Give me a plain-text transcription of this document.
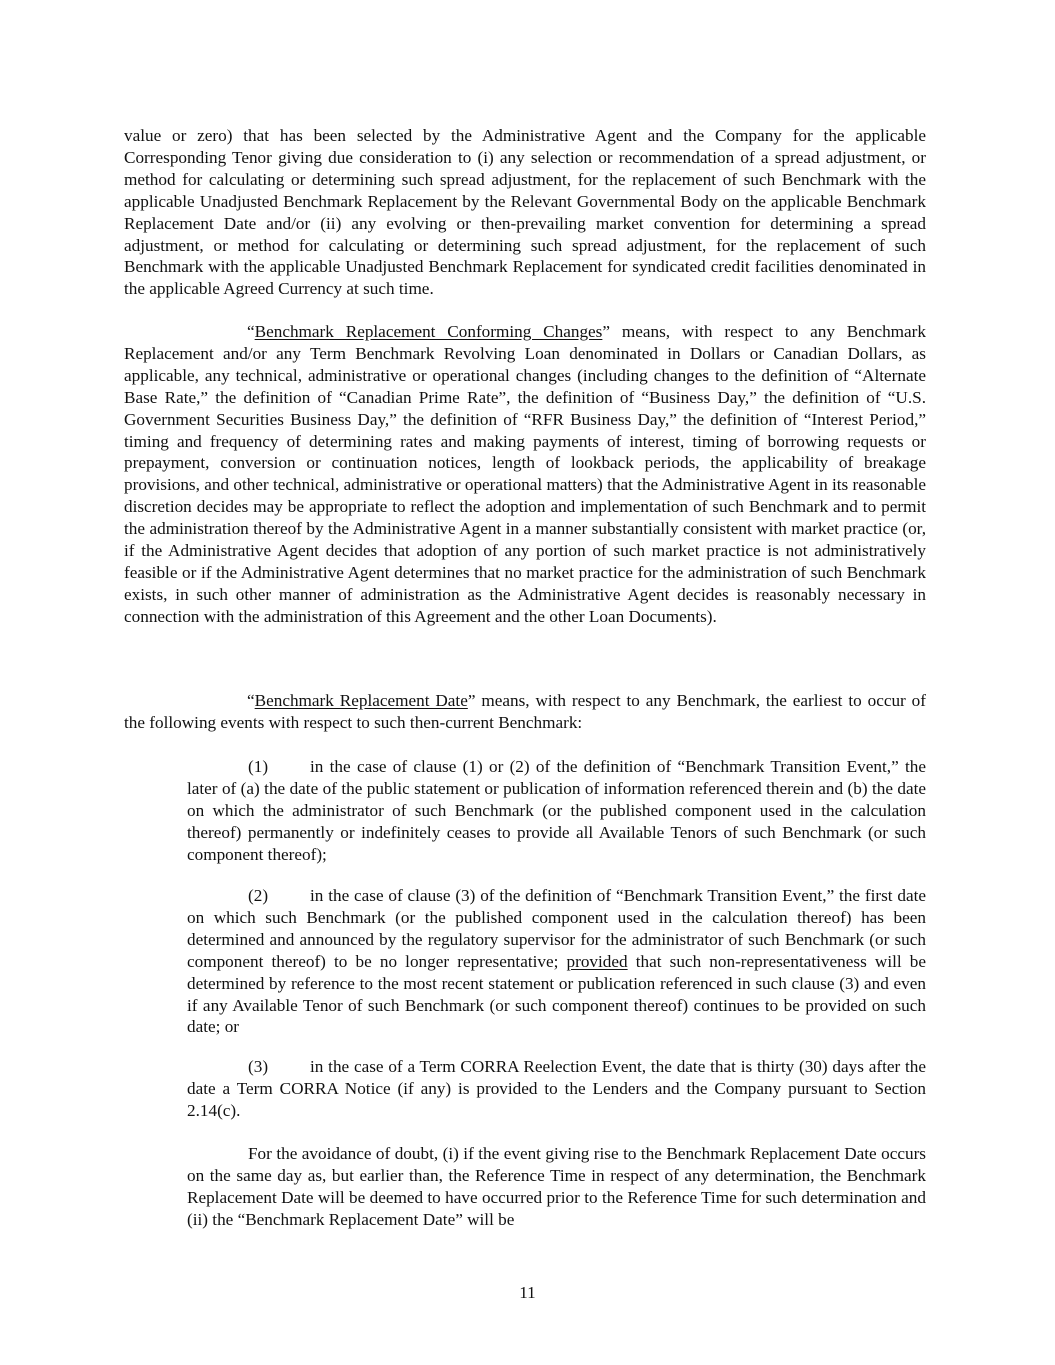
value or zero) that has been selected by the Administrative Agent and the Company for the applicable Corresponding Tenor giving due consideration to (i) any selection or recommendation of a spread adjustment, or method for calculating or determining such spread adjustment, for the replacement of such Benchmark with the applicable Unadjusted Benchmark Replacement by the Relevant Governmental Body on the applicable Benchmark Replacement Date and/or (ii) any evolving or then-prevailing market convention for determining a spread adjustment, or method for calculating or determining such spread adjustment, for the replacement of such Benchmark with the applicable Unadjusted Benchmark Replacement for syndicated credit facilities denominated in the applicable Agreed Currency at such time.

“Benchmark Replacement Conforming Changes” means, with respect to any Benchmark Replacement and/or any Term Benchmark Revolving Loan denominated in Dollars or Canadian Dollars, as applicable, any technical, administrative or operational changes (including changes to the definition of “Alternate Base Rate,” the definition of “Canadian Prime Rate”, the definition of “Business Day,” the definition of “U.S. Government Securities Business Day,” the definition of “RFR Business Day,” the definition of “Interest Period,” timing and frequency of determining rates and making payments of interest, timing of borrowing requests or prepayment, conversion or continuation notices, length of lookback periods, the applicability of breakage provisions, and other technical, administrative or operational matters) that the Administrative Agent in its reasonable discretion decides may be appropriate to reflect the adoption and implementation of such Benchmark and to permit the administration thereof by the Administrative Agent in a manner substantially consistent with market practice (or, if the Administrative Agent decides that adoption of any portion of such market practice is not administratively feasible or if the Administrative Agent determines that no market practice for the administration of such Benchmark exists, in such other manner of administration as the Administrative Agent decides is reasonably necessary in connection with the administration of this Agreement and the other Loan Documents).

“Benchmark Replacement Date” means, with respect to any Benchmark, the earliest to occur of the following events with respect to such then-current Benchmark:

(1) in the case of clause (1) or (2) of the definition of “Benchmark Transition Event,” the later of (a) the date of the public statement or publication of information referenced therein and (b) the date on which the administrator of such Benchmark (or the published component used in the calculation thereof) permanently or indefinitely ceases to provide all Available Tenors of such Benchmark (or such component thereof);

(2) in the case of clause (3) of the definition of “Benchmark Transition Event,” the first date on which such Benchmark (or the published component used in the calculation thereof) has been determined and announced by the regulatory supervisor for the administrator of such Benchmark (or such component thereof) to be no longer representative; provided that such non-representativeness will be determined by reference to the most recent statement or publication referenced in such clause (3) and even if any Available Tenor of such Benchmark (or such component thereof) continues to be provided on such date; or

(3) in the case of a Term CORRA Reelection Event, the date that is thirty (30) days after the date a Term CORRA Notice (if any) is provided to the Lenders and the Company pursuant to Section 2.14(c).

For the avoidance of doubt, (i) if the event giving rise to the Benchmark Replacement Date occurs on the same day as, but earlier than, the Reference Time in respect of any determination, the Benchmark Replacement Date will be deemed to have occurred prior to the Reference Time for such determination and (ii) the “Benchmark Replacement Date” will be

11
